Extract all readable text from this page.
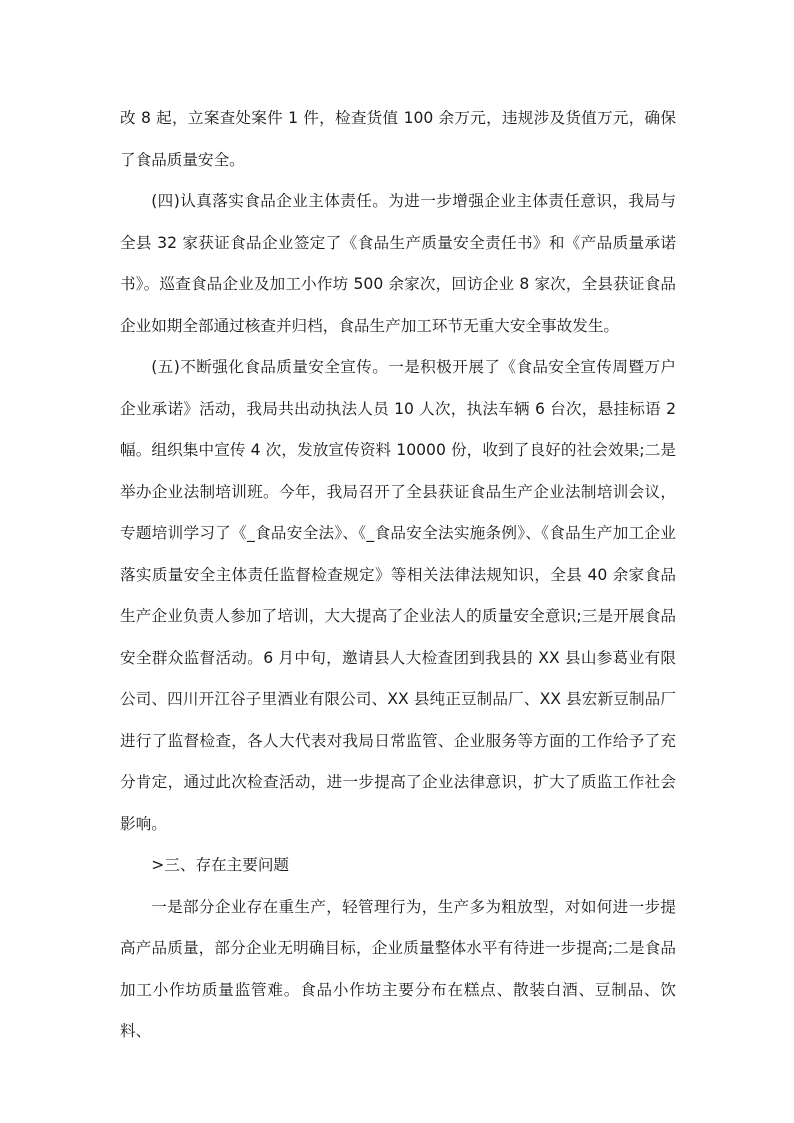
改 8 起，立案查处案件 1 件，检查货值 100 余万元，违规涉及货值万元，确保了食品质量安全。

(四)认真落实食品企业主体责任。为进一步增强企业主体责任意识，我局与全县 32 家获证食品企业签定了《食品生产质量安全责任书》和《产品质量承诺书》。巡查食品企业及加工小作坊 500 余家次，回访企业 8 家次，全县获证食品企业如期全部通过核查并归档，食品生产加工环节无重大安全事故发生。

(五)不断强化食品质量安全宣传。一是积极开展了《食品安全宣传周暨万户企业承诺》活动，我局共出动执法人员 10 人次，执法车辆 6 台次，悬挂标语 2 幅。组织集中宣传 4 次，发放宣传资料 10000 份，收到了良好的社会效果;二是举办企业法制培训班。今年，我局召开了全县获证食品生产企业法制培训会议，专题培训学习了《_食品安全法》、《_食品安全法实施条例》、《食品生产加工企业落实质量安全主体责任监督检查规定》等相关法律法规知识，全县 40 余家食品生产企业负责人参加了培训，大大提高了企业法人的质量安全意识;三是开展食品安全群众监督活动。6 月中旬，邀请县人大检查团到我县的 XX 县山参葛业有限公司、四川开江谷子里酒业有限公司、XX 县纯正豆制品厂、XX 县宏新豆制品厂进行了监督检查，各人大代表对我局日常监管、企业服务等方面的工作给予了充分肯定，通过此次检查活动，进一步提高了企业法律意识，扩大了质监工作社会影响。

>三、存在主要问题

一是部分企业存在重生产，轻管理行为，生产多为粗放型，对如何进一步提高产品质量，部分企业无明确目标，企业质量整体水平有待进一步提高;二是食品加工小作坊质量监管难。食品小作坊主要分布在糕点、散装白酒、豆制品、饮料、
